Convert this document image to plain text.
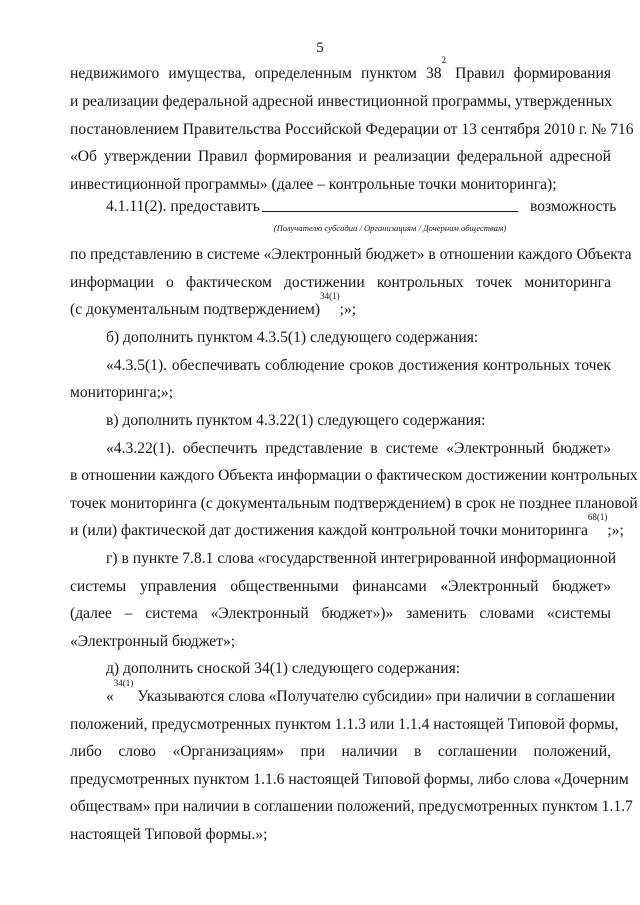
5
недвижимого имущества, определенным пунктом $38^2$ Правил формирования
и реализации федеральной адресной инвестиционной программы, утвержденных
постановлением Правительства Российской Федерации от 13 сентября 2010 г. № 716
«Об утверждении Правил формирования и реализации федеральной адресной
инвестиционной программы» (далее – контрольные точки мониторинга);
4.1.11(2). предоставить	возможность
(Получателю субсидии / Организациям / Дочерним обществам)
по представлению в системе «Электронный бюджет» в отношении каждого Объекта
информации о фактическом достижении контрольных точек мониторинга
(с документальным подтверждением)$^{34(1)}$;»;
б) дополнить пунктом 4.3.5(1) следующего содержания:
«4.3.5(1). обеспечивать соблюдение сроков достижения контрольных точек
мониторинга;»;
в) дополнить пунктом 4.3.22(1) следующего содержания:
«4.3.22(1). обеспечить представление в системе «Электронный бюджет»
в отношении каждого Объекта информации о фактическом достижении контрольных
точек мониторинга (с документальным подтверждением) в срок не позднее плановой
и (или) фактической дат достижения каждой контрольной точки мониторинга$^{68(1)}$;»;
г) в пункте 7.8.1 слова «государственной интегрированной информационной
системы управления общественными финансами «Электронный бюджет»
(далее – система «Электронный бюджет»)» заменить словами «системы
«Электронный бюджет»;
д) дополнить сноской 34(1) следующего содержания:
«$^{34(1)}$ Указываются слова «Получателю субсидии» при наличии в соглашении
положений, предусмотренных пунктом 1.1.3 или 1.1.4 настоящей Типовой формы,
либо слово «Организациям» при наличии в соглашении положений,
предусмотренных пунктом 1.1.6 настоящей Типовой формы, либо слова «Дочерним
обществам» при наличии в соглашении положений, предусмотренных пунктом 1.1.7
настоящей Типовой формы.»;
